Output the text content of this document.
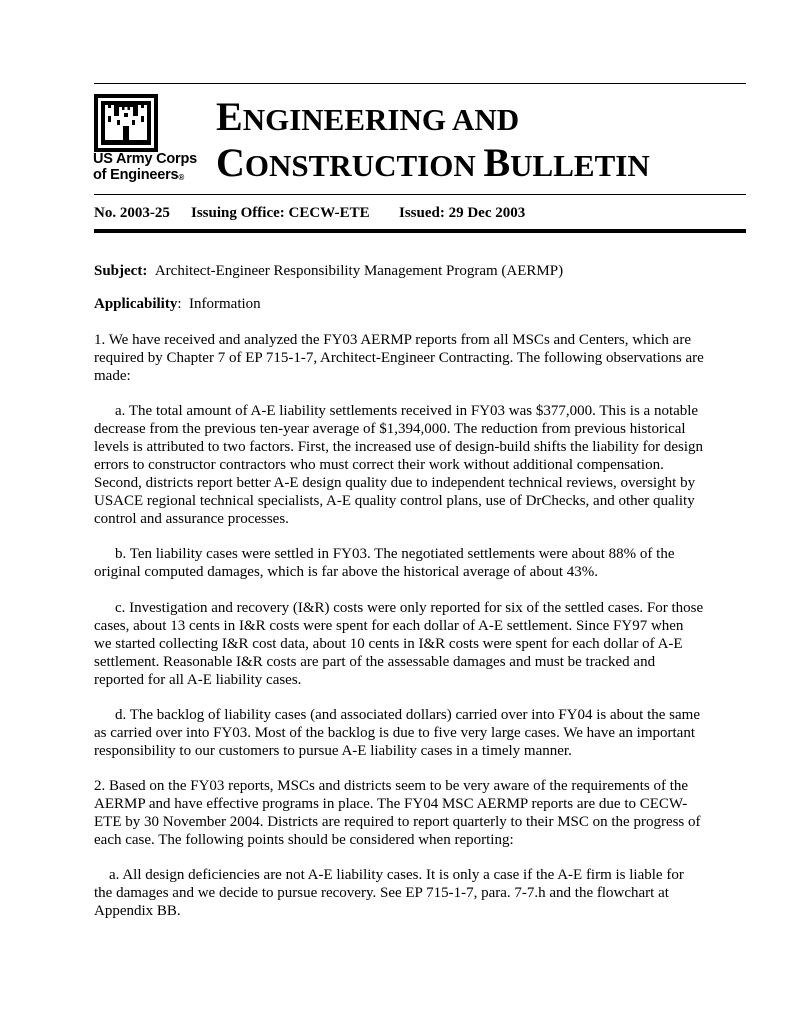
US Army Corps
of Engineers®
ENGINEERING AND
CONSTRUCTION BULLETIN
No. 2003-25 Issuing Office: CECW-ETE Issued: 29 Dec 2003
Subject: Architect-Engineer Responsibility Management Program (AERMP)
Applicability:  Information
1. We have received and analyzed the FY03 AERMP reports from all MSCs and Centers, which are required by Chapter 7 of EP 715-1-7, Architect-Engineer Contracting. The following observations are made:
a. The total amount of A-E liability settlements received in FY03 was $377,000. This is a notable decrease from the previous ten-year average of $1,394,000. The reduction from previous historical levels is attributed to two factors. First, the increased use of design-build shifts the liability for design errors to constructor contractors who must correct their work without additional compensation. Second, districts report better A-E design quality due to independent technical reviews, oversight by USACE regional technical specialists, A-E quality control plans, use of DrChecks, and other quality control and assurance processes.
b. Ten liability cases were settled in FY03. The negotiated settlements were about 88% of the original computed damages, which is far above the historical average of about 43%.
c. Investigation and recovery (I&R) costs were only reported for six of the settled cases. For those cases, about 13 cents in I&R costs were spent for each dollar of A-E settlement. Since FY97 when we started collecting I&R cost data, about 10 cents in I&R costs were spent for each dollar of A-E settlement. Reasonable I&R costs are part of the assessable damages and must be tracked and reported for all A-E liability cases.
d. The backlog of liability cases (and associated dollars) carried over into FY04 is about the same as carried over into FY03. Most of the backlog is due to five very large cases. We have an important responsibility to our customers to pursue A-E liability cases in a timely manner.
2. Based on the FY03 reports, MSCs and districts seem to be very aware of the requirements of the AERMP and have effective programs in place. The FY04 MSC AERMP reports are due to CECW-ETE by 30 November 2004. Districts are required to report quarterly to their MSC on the progress of each case. The following points should be considered when reporting:
a. All design deficiencies are not A-E liability cases. It is only a case if the A-E firm is liable for the damages and we decide to pursue recovery. See EP 715-1-7, para. 7-7.h and the flowchart at Appendix BB.
